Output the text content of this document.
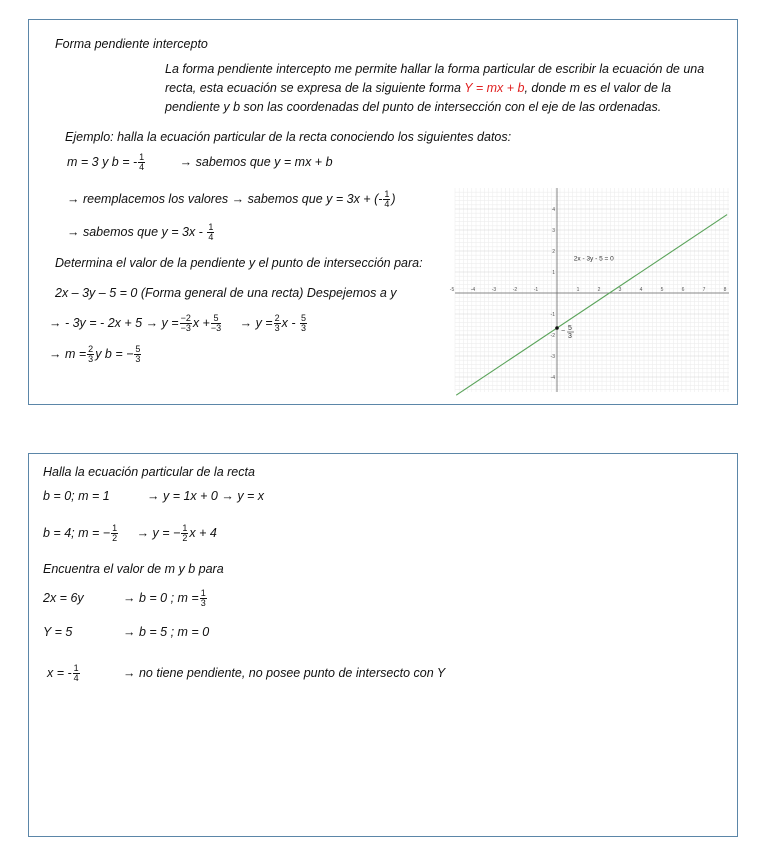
Forma pendiente intercepto
La forma pendiente intercepto me permite hallar la forma particular de escribir la ecuación de una recta, esta ecuación se expresa de la siguiente forma Y = mx + b, donde m es el valor de la pendiente y b son las coordenadas del punto de intersección con el eje de las ordenadas.
Ejemplo: halla la ecuación particular de la recta conociendo los siguientes datos:
m = 3 y b = - $\frac{1}{4}$	→ sabemos que y = mx + b
→ reemplacemos los valores → sabemos que y = 3x + (- $\frac{1}{4}$ )
→ sabemos que $y = 3x - \frac{1}{4}$
Determina el valor de la pendiente y el punto de intersección para:
2x – 3y – 5 = 0 (Forma general de una recta) Despejemos a y
→ - 3y = - $2x + 5 \to y = \frac{-2}{-3}$ $x + \frac{5}{-3} \to y = \frac{2}{3}$ x - $\frac{5}{3}$
→ $m = \frac{2}{3}$ y b = − $\frac{5}{3}$
-5	-4	-3	-2	-1	1	2	3	4	5	6	7	8
4
3
2
1
-1
-2
-3
-4
2x - 3y - 5 = 0
5
3
−
Halla la ecuación particular de la recta
b = 0; m = 1	→ y = 1x + 0 → y = x
b = 4; m = − $\frac{1}{2} \to y$ = − $\frac{1}{2}$ x + 4
Encuentra el valor de m y b para
2x = 6y	→ b = 0 ; $m = \frac{1}{3}$
Y = 5	→ b = 5 ; m = 0
x = - $\frac{1}{4}$	→ no tiene pendiente, no posee punto de intersecto con Y
